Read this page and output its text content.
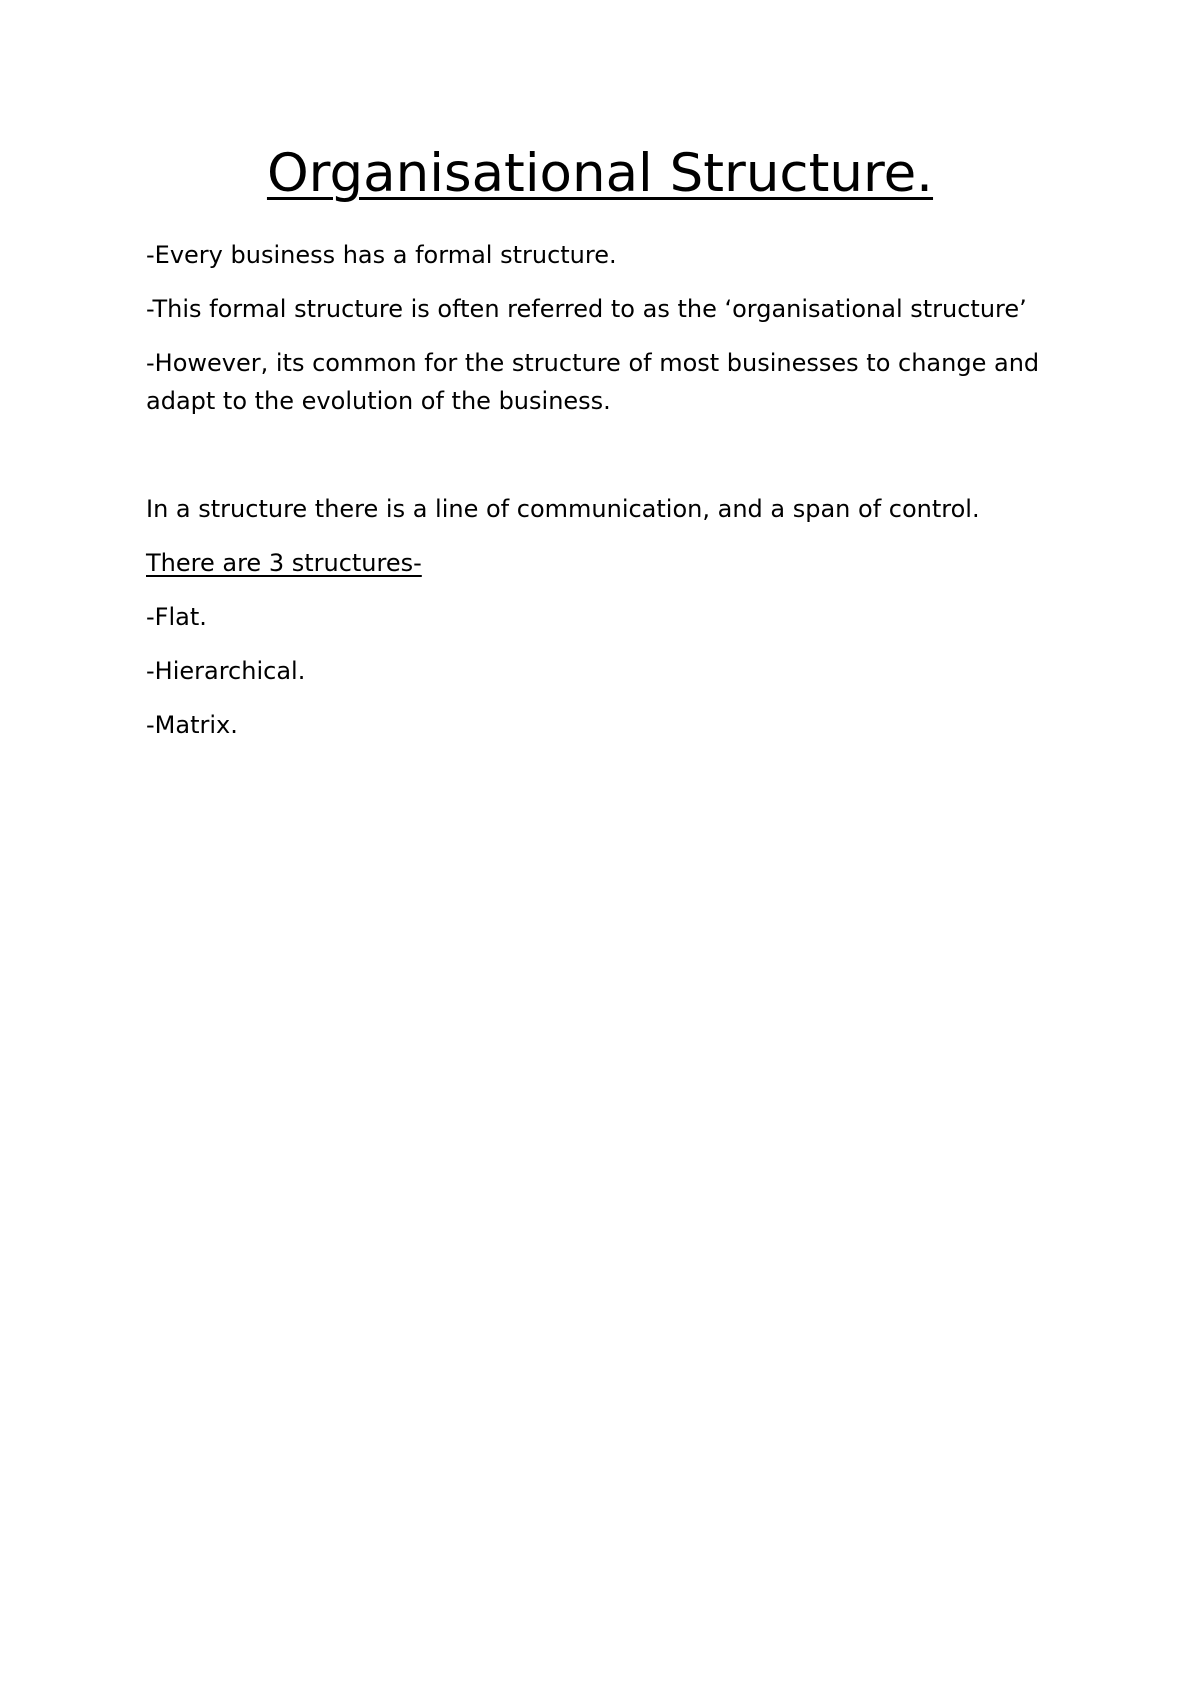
Organisational Structure.

-Every business has a formal structure.

-This formal structure is often referred to as the ‘organisational structure’

-However, its common for the structure of most businesses to change and adapt to the evolution of the business.

In a structure there is a line of communication, and a span of control.

There are 3 structures-

-Flat.

-Hierarchical.

-Matrix.
